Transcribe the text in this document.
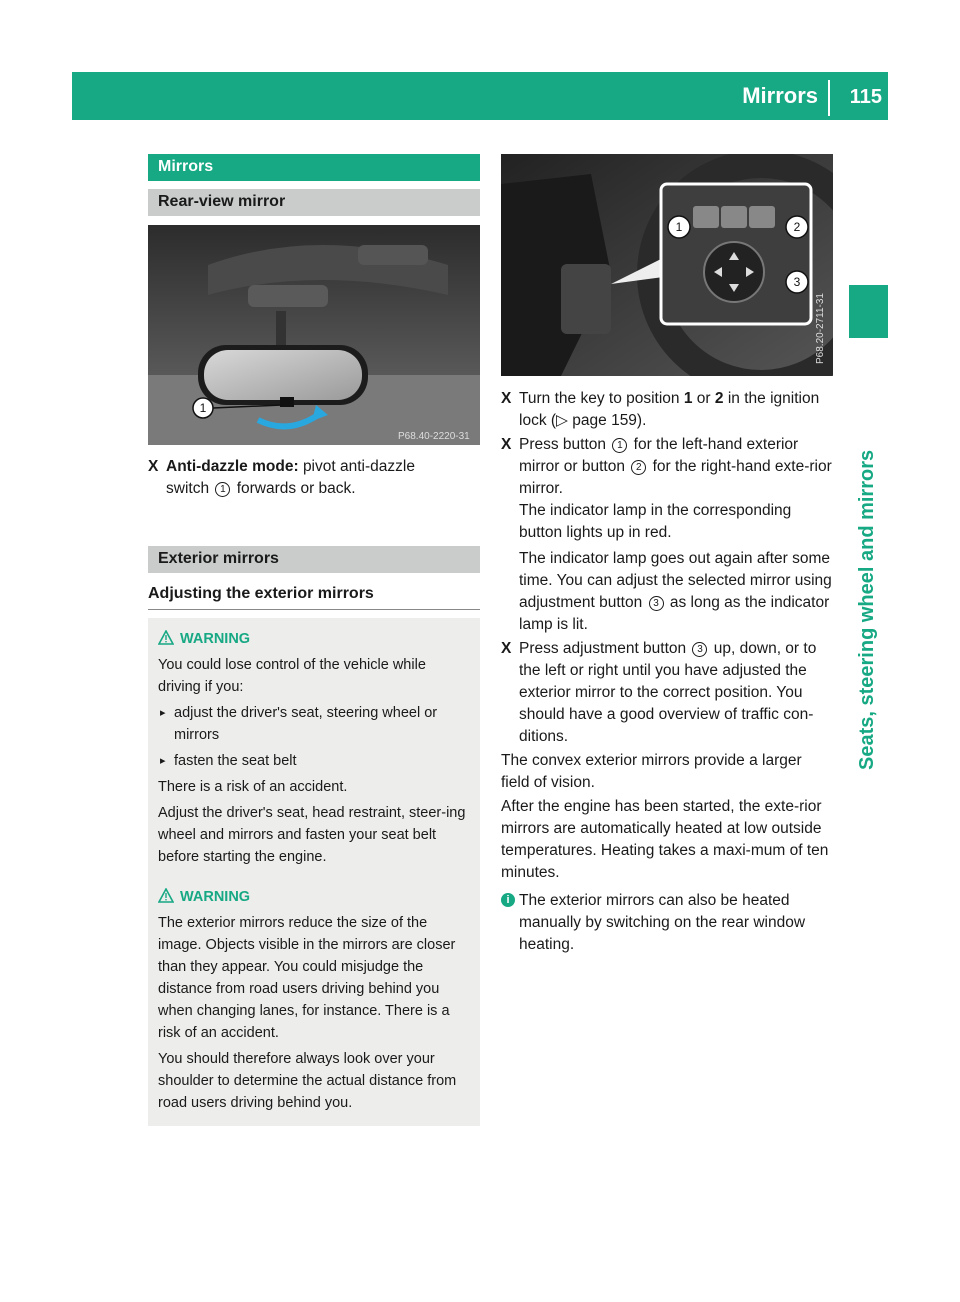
Mirrors 115
Seats, steering wheel and mirrors
Mirrors
Rear-view mirror
1
P68.40-2220-31
X Anti-dazzle mode: pivot anti-dazzle
switch 1 forwards or back.
Exterior mirrors
Adjusting the exterior mirrors
WARNING

You could lose control of the vehicle while driving if you:

▸ adjust the driver's seat, steering wheel or mirrors
▸ fasten the seat belt

There is a risk of an accident.

Adjust the driver's seat, head restraint, steer-ing wheel and mirrors and fasten your seat belt before starting the engine.

WARNING

The exterior mirrors reduce the size of the image. Objects visible in the mirrors are closer than they appear. You could misjudge the distance from road users driving behind you when changing lanes, for instance. There is a risk of an accident.

You should therefore always look over your shoulder to determine the actual distance from road users driving behind you.

1	2
3
P68.20-2711-31
X Turn the key to position 1 or 2 in the ignition lock (▷ page 159).
X Press button 1 for the left-hand exterior mirror or button 2 for the right-hand exte-rior mirror.
The indicator lamp in the corresponding button lights up in red.

The indicator lamp goes out again after some time. You can adjust the selected mirror using adjustment button 3 as long as the indicator lamp is lit.

X Press adjustment button 3 up, down, or to the left or right until you have adjusted the exterior mirror to the correct position. You should have a good overview of traffic con-ditions.

The convex exterior mirrors provide a larger field of vision.

After the engine has been started, the exte-rior mirrors are automatically heated at low outside temperatures. Heating takes a maxi-mum of ten minutes.

i The exterior mirrors can also be heated manually by switching on the rear window heating.
